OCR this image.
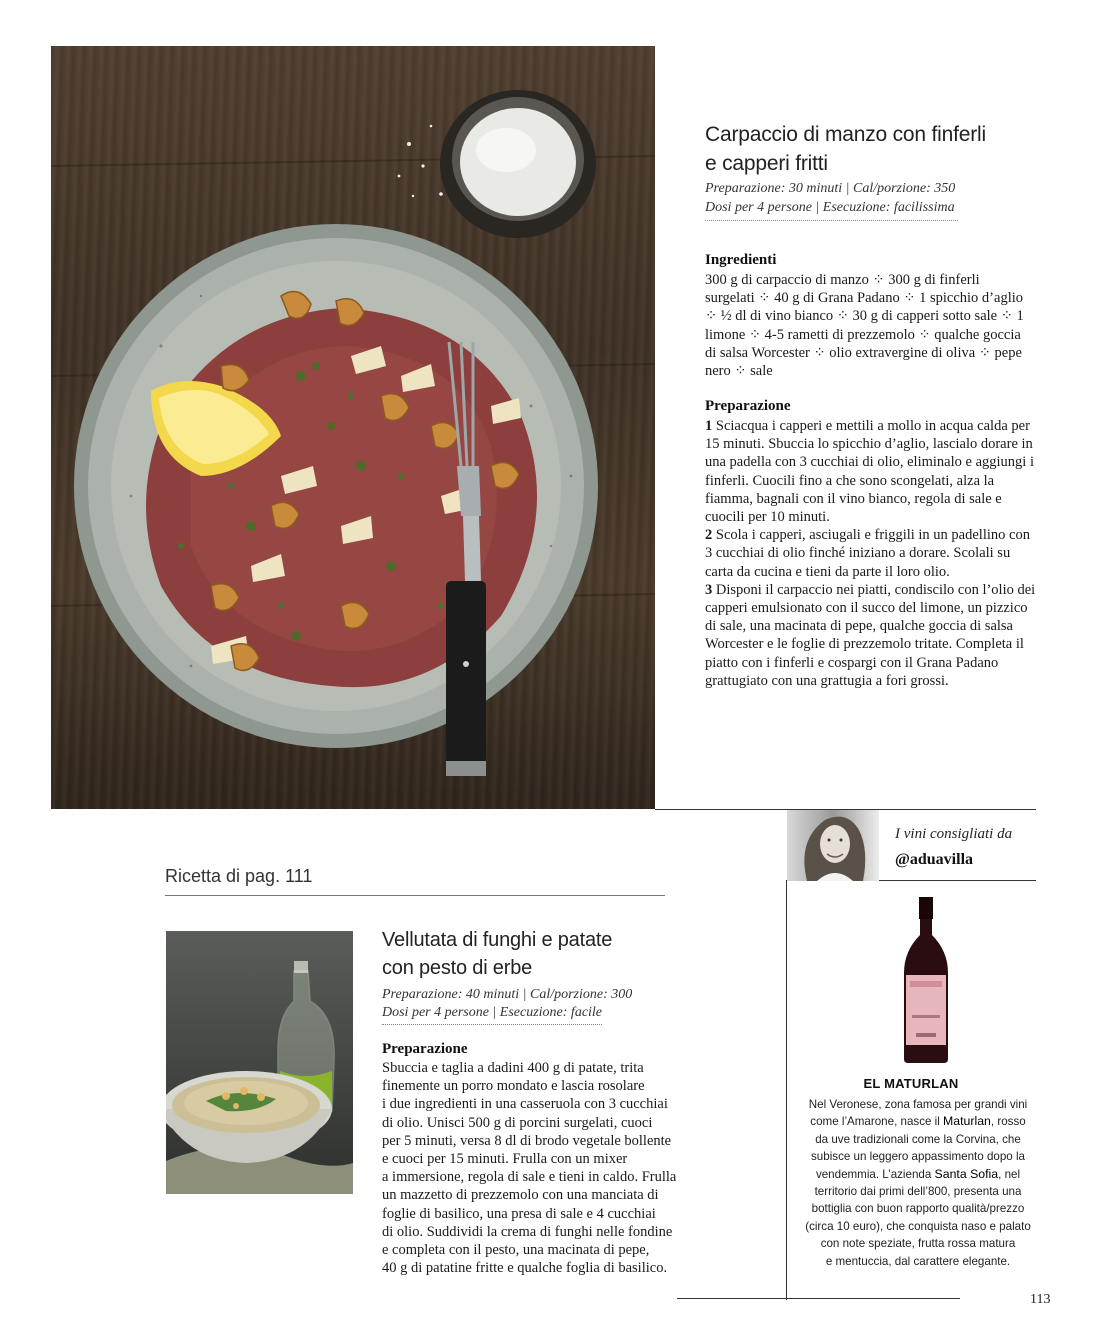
Carpaccio di manzo con finferli
e capperi fritti
Preparazione: 30 minuti | Cal/porzione: 350
Dosi per 4 persone | Esecuzione: facilissima
Ingredienti
300 g di carpaccio di manzo ⁘ 300 g di finferli
surgelati ⁘ 40 g di Grana Padano ⁘ 1 spicchio d’aglio
⁘ ½ dl di vino bianco ⁘ 30 g di capperi sotto sale ⁘ 1
limone ⁘ 4-5 rametti di prezzemolo ⁘ qualche goccia
di salsa Worcester ⁘ olio extravergine di oliva ⁘ pepe
nero ⁘ sale
Preparazione

1 Sciacqua i capperi e mettili a mollo in acqua calda per 15 minuti. Sbuccia lo spicchio d’aglio, lascialo dorare in una padella con 3 cucchiai di olio, eliminalo e aggiungi i finferli. Cuocili fino a che sono scongelati, alza la fiamma, bagnali con il vino bianco, regola di sale e cuocili per 10 minuti.

2 Scola i capperi, asciugali e friggili in un padellino con 3 cucchiai di olio finché iniziano a dorare. Scolali su carta da cucina e tieni da parte il loro olio.

3 Disponi il carpaccio nei piatti, condiscilo con l’olio dei capperi emulsionato con il succo del limone, un pizzico di sale, una macinata di pepe, qualche goccia di salsa Worcester e le foglie di prezzemolo tritate. Completa il piatto con i finferli e cospargi con il Grana Padano grattugiato con una grattugia a fori grossi.

Ricetta di pag. 111
Vellutata di funghi e patate
con pesto di erbe
Preparazione: 40 minuti | Cal/porzione: 300
Dosi per 4 persone | Esecuzione: facile
Preparazione
Sbuccia e taglia a dadini 400 g di patate, trita
finemente un porro mondato e lascia rosolare
i due ingredienti in una casseruola con 3 cucchiai
di olio. Unisci 500 g di porcini surgelati, cuoci
per 5 minuti, versa 8 dl di brodo vegetale bollente
e cuoci per 15 minuti. Frulla con un mixer
a immersione, regola di sale e tieni in caldo. Frulla
un mazzetto di prezzemolo con una manciata di
foglie di basilico, una presa di sale e 4 cucchiai
di olio. Suddividi la crema di funghi nelle fondine
e completa con il pesto, una macinata di pepe,
40 g di patatine fritte e qualche foglia di basilico.
I vini consigliati da
@aduavilla
EL MATURLAN
Nel Veronese, zona famosa per grandi vini
come l’Amarone, nasce il Maturlan, rosso
da uve tradizionali come la Corvina, che
subisce un leggero appassimento dopo la
vendemmia. L’azienda Santa Sofia, nel
territorio dai primi dell’800, presenta una
bottiglia con buon rapporto qualità/prezzo
(circa 10 euro), che conquista naso e palato
con note speziate, frutta rossa matura
e mentuccia, dal carattere elegante.
113
